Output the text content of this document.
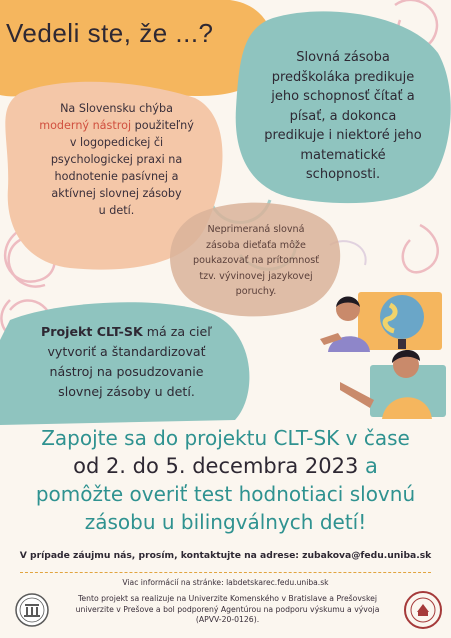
Vedeli ste, že ...?
Na Slovensku chýba
moderný nástroj použiteľný
v logopedickej či
psychologickej praxi na
hodnotenie pasívnej a
aktívnej slovnej zásoby
u detí.
Slovná zásoba
predškoláka predikuje
jeho schopnosť čítať a
písať, a dokonca
predikuje i niektoré jeho
matematické
schopnosti.
Neprimeraná slovná
zásoba dieťaťa môže
poukazovať na prítomnosť
tzv. vývinovej jazykovej
poruchy.
Projekt CLT-SK má za cieľ
vytvoriť a štandardizovať
nástroj na posudzovanie
slovnej zásoby u detí.
Zapojte sa do projektu CLT-SK v čase
od 2. do 5. decembra 2023 a
pomôžte overiť test hodnotiaci slovnú
zásobu u bilingválnych detí!
V prípade záujmu nás, prosím, kontaktujte na adrese: zubakova@fedu.uniba.sk
Viac informácií na stránke: labdetskarec.fedu.uniba.sk
Tento projekt sa realizuje na Univerzite Komenského v Bratislave a Prešovskej
univerzite v Prešove a bol podporený Agentúrou na podporu výskumu a vývoja
(APVV-20-0126).
